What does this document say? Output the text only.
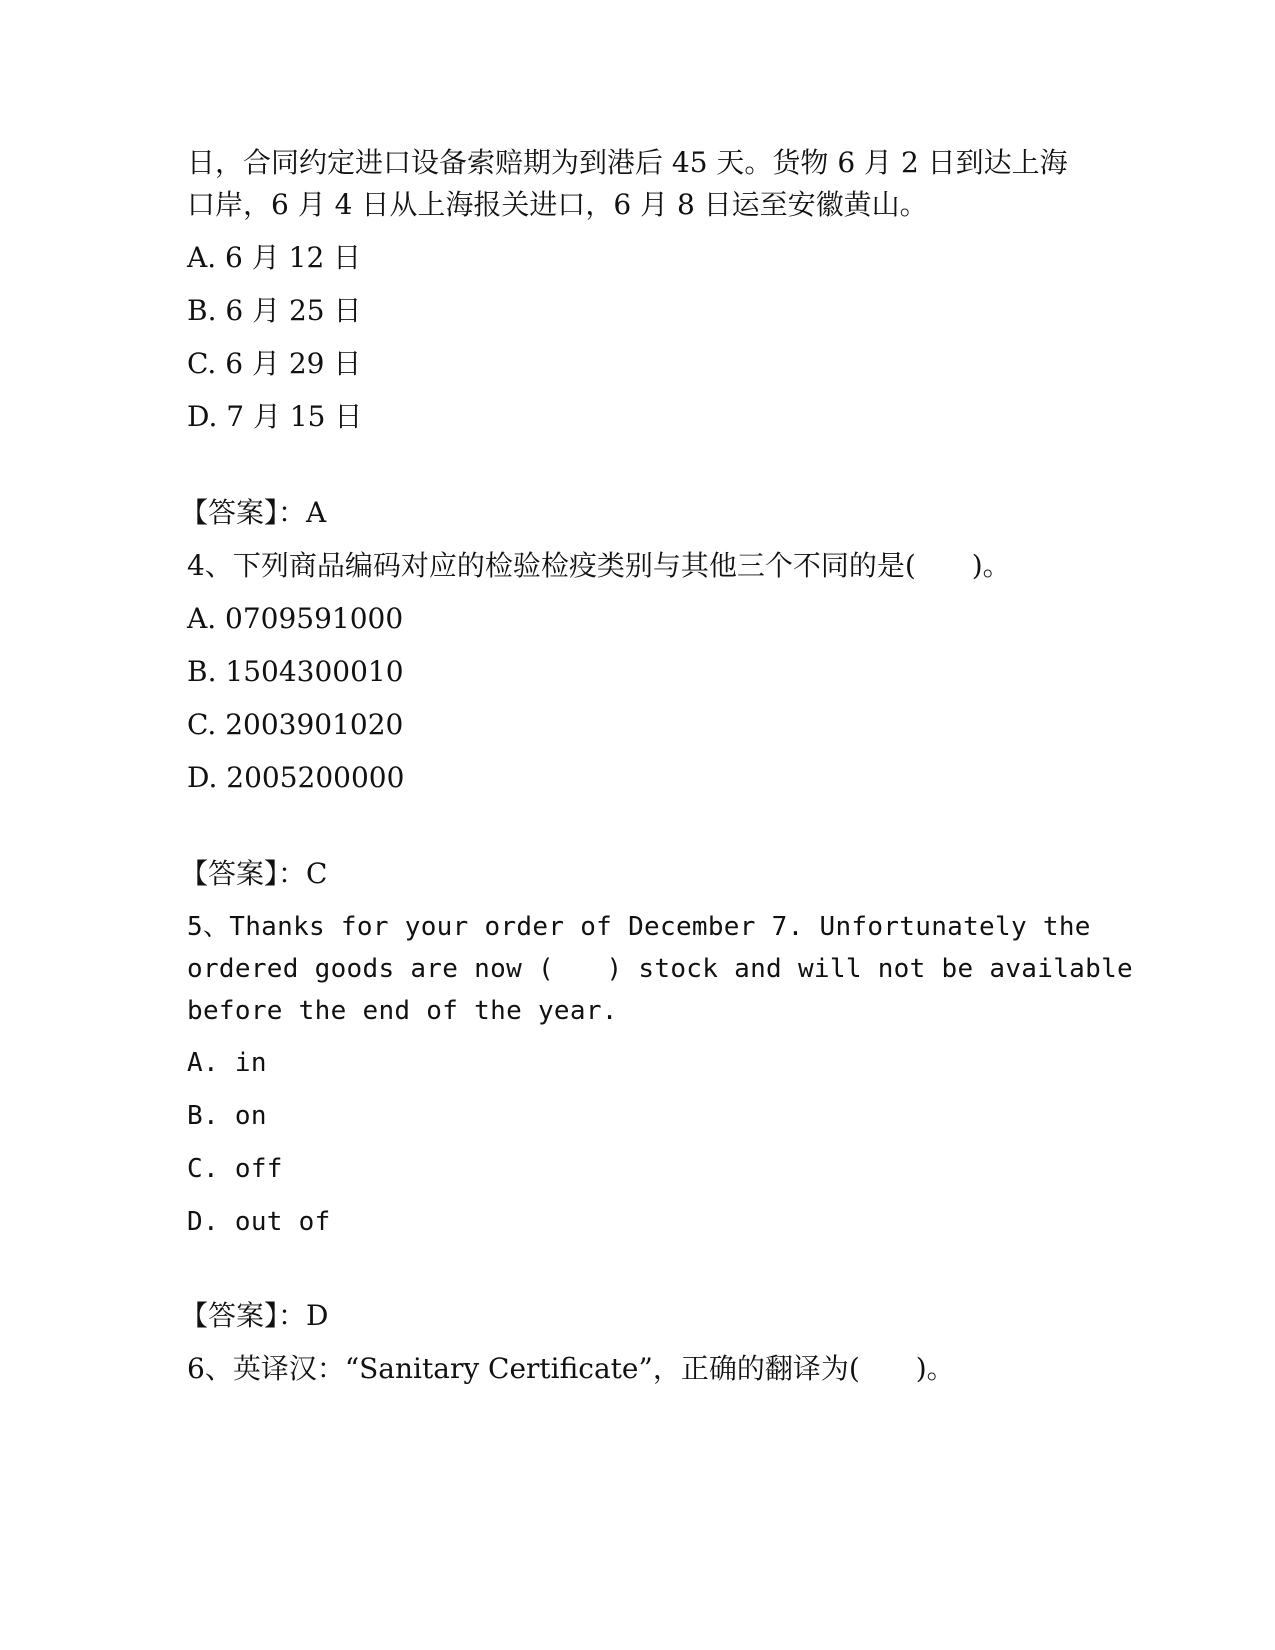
日，合同约定进口设备索赔期为到港后 45 天。货物 6 月 2 日到达上海
口岸，6 月 4 日从上海报关进口，6 月 8 日运至安徽黄山。
A. 6 月 12 日
B. 6 月 25 日
C. 6 月 29 日
D. 7 月 15 日
【答案】：A
4、下列商品编码对应的检验检疫类别与其他三个不同的是(　　)。
A. 0709591000
B. 1504300010
C. 2003901020
D. 2005200000
【答案】：C
5、Thanks for your order of December 7. Unfortunately the
ordered goods are now (　　) stock and will not be available
before the end of the year.
A. in
B. on
C. off
D. out of
【答案】：D
6、英译汉：“Sanitary Certificate”，正确的翻译为(　　)。
